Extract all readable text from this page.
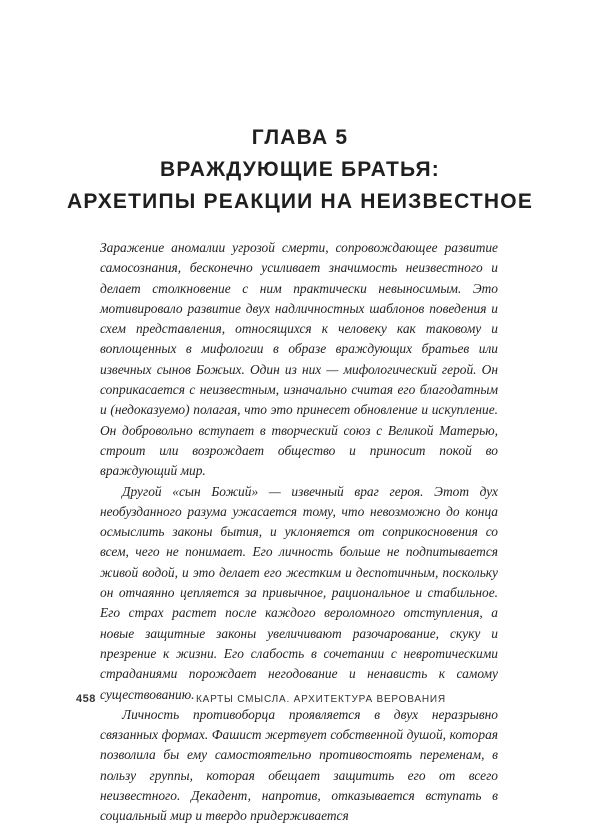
ГЛАВА 5
ВРАЖДУЮЩИЕ БРАТЬЯ:
АРХЕТИПЫ РЕАКЦИИ НА НЕИЗВЕСТНОЕ

Заражение аномалии угрозой смерти, сопровождающее развитие самосознания, бесконечно усиливает значимость неизвестного и делает столкновение с ним практически невыносимым. Это мотивировало развитие двух надличностных шаблонов поведения и схем представления, относящихся к человеку как таковому и воплощенных в мифологии в образе враждующих братьев или извечных сынов Божьих. Один из них — мифологический герой. Он соприкасается с неизвестным, изначально считая его благодатным и (недоказуемо) полагая, что это принесет обновление и искупление. Он добровольно вступает в творческий союз с Великой Матерью, строит или возрождает общество и приносит покой во враждующий мир.

Другой «сын Божий» — извечный враг героя. Этот дух необузданного разума ужасается тому, что невозможно до конца осмыслить законы бытия, и уклоняется от соприкосновения со всем, чего не понимает. Его личность больше не подпитывается живой водой, и это делает его жестким и деспотичным, поскольку он отчаянно цепляется за привычное, рациональное и стабильное. Его страх растет после каждого вероломного отступления, а новые защитные законы увеличивают разочарование, скуку и презрение к жизни. Его слабость в сочетании с невротическими страданиями порождает негодование и ненависть к самому существованию.

Личность противоборца проявляется в двух неразрывно связанных формах. Фашист жертвует собственной душой, которая позволила бы ему самостоятельно противостоять переменам, в пользу группы, которая обещает защитить его от всего неизвестного. Декадент, напротив, отказывается вступать в социальный мир и твердо придерживается

458	КАРТЫ СМЫСЛА. АРХИТЕКТУРА ВЕРОВАНИЯ
